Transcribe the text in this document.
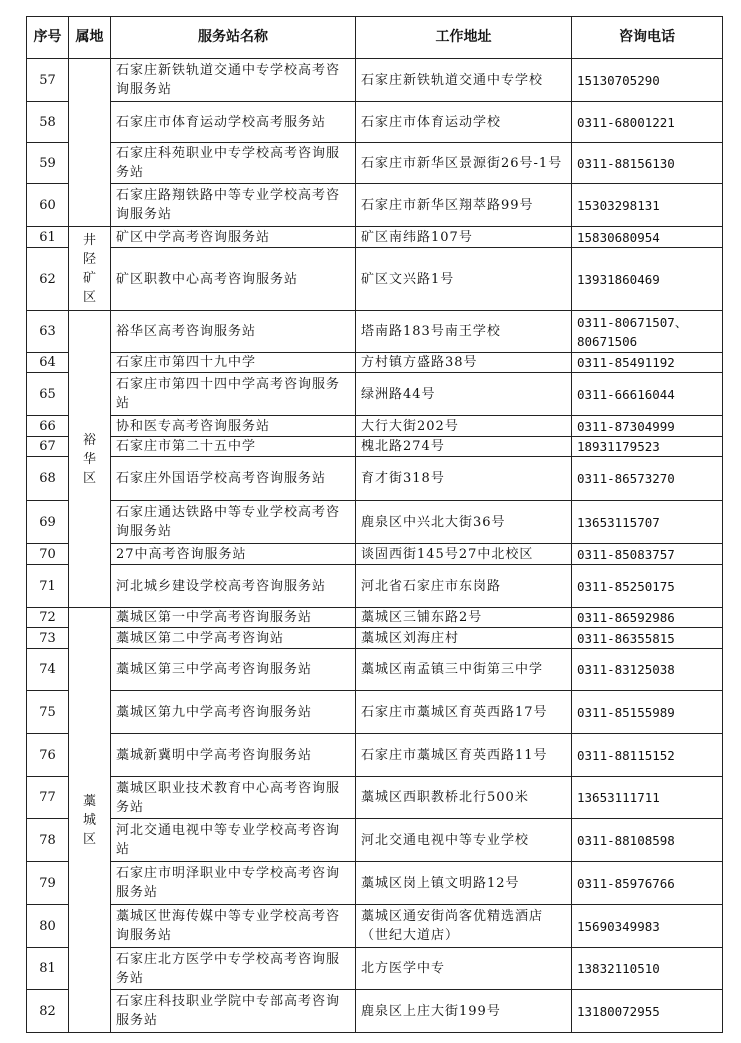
序号	属地	服务站名称	工作地址	咨询电话
57		石家庄新铁轨道交通中专学校高考咨询服务站	石家庄新铁轨道交通中专学校	15130705290
58		石家庄市体育运动学校高考服务站	石家庄市体育运动学校	0311-68001221
59		石家庄科苑职业中专学校高考咨询服务站	石家庄市新华区景源街26号-1号	0311-88156130
60		石家庄路翔铁路中等专业学校高考咨询服务站	石家庄市新华区翔萃路99号	15303298131
61	井陉矿区	矿区中学高考咨询服务站	矿区南纬路107号	15830680954
62		矿区职教中心高考咨询服务站	矿区文兴路1号	13931860469
63	裕华区	裕华区高考咨询服务站	塔南路183号南王学校	0311-80671507、80671506
64		石家庄市第四十九中学	方村镇方盛路38号	0311-85491192
65		石家庄市第四十四中学高考咨询服务站	绿洲路44号	0311-66616044
66		协和医专高考咨询服务站	大行大街202号	0311-87304999
67		石家庄市第二十五中学	槐北路274号	18931179523
68		石家庄外国语学校高考咨询服务站	育才街318号	0311-86573270
69		石家庄通达铁路中等专业学校高考咨询服务站	鹿泉区中兴北大街36号	13653115707
70		27中高考咨询服务站	谈固西街145号27中北校区	0311-85083757
71		河北城乡建设学校高考咨询服务站	河北省石家庄市东岗路	0311-85250175
72	藁城区	藁城区第一中学高考咨询服务站	藁城区三铺东路2号	0311-86592986
73		藁城区第二中学高考咨询站	藁城区刘海庄村	0311-86355815
74		藁城区第三中学高考咨询服务站	藁城区南孟镇三中街第三中学	0311-83125038
75		藁城区第九中学高考咨询服务站	石家庄市藁城区育英西路17号	0311-85155989
76		藁城新冀明中学高考咨询服务站	石家庄市藁城区育英西路11号	0311-88115152
77		藁城区职业技术教育中心高考咨询服务站	藁城区西职教桥北行500米	13653111711
78		河北交通电视中等专业学校高考咨询站	河北交通电视中等专业学校	0311-88108598
79		石家庄市明泽职业中专学校高考咨询服务站	藁城区岗上镇文明路12号	0311-85976766
80		藁城区世海传媒中等专业学校高考咨询服务站	藁城区通安街尚客优精选酒店（世纪大道店）	15690349983
81		石家庄北方医学中专学校高考咨询服务站	北方医学中专	13832110510
82		石家庄科技职业学院中专部高考咨询服务站	鹿泉区上庄大街199号	13180072955
